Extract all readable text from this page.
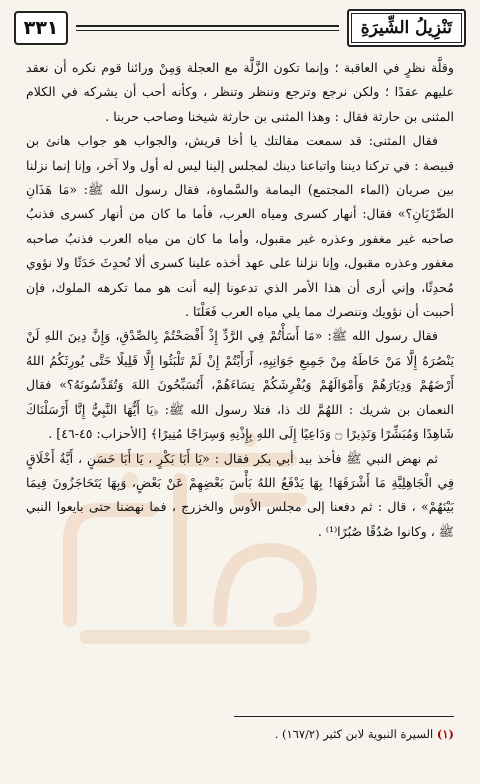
تَنْزِيلُ الشِّيرَةِ
٣٣١

وقلَّة نظرٍ في العاقبة ؛ وإنما تكون الزَّلَّة مع العجلة وَمِنْ ورائنا قوم نكره أن نعقد عليهم عقدًا ؛ ولكن نرجع وترجع وننظر وتنظر ، وكأنه أحب أن يشركه في الكلام المثنى بن حارثة فقال : وهذا المثنى بن حارثة شيخنا وصاحب حربنا .

فقال المثنى: قد سمعت مقالتك يا أخا قريش، والجواب هو جواب هانئ بن قبيصة : في تركنا ديننا واتباعنا دينك لمجلس إلينا ليس له أول ولا آخر، وإنا إنما نزلنا بين صريان (الماء المجتمع) اليمامة والسَّماوة، فقال رسول الله ﷺ: «مَا هَذَانِ الصِّرْيَانِ؟» فقال: أنهار كسرى ومياه العرب، فأما ما كان من أنهار كسرى فذنبُ صاحبه غير مغفور وعذره غير مقبول، وأما ما كان من مياه العرب فذنبُ صاحبه مغفور وعذره مقبول، وإنا نزلنا على عهد أخذه علينا كسرى ألا نُحدِثَ حَدَثًا ولا نؤوي مُحدِثًا، وإني أرى أن هذا الأمر الذي تدعونا إليه أنت هو مما تكرهه الملوك، فإن أحببت أن نؤويك وننصرك مما يلي مياه العرب فَعَلْنَا .

فقال رسول الله ﷺ: «مَا أَسَأْتُمْ فِي الرَّدِّ إِذْ أَفْصَحْتُمْ بِالصِّدْقِ، وَإِنَّ دِينَ اللهِ لَنْ يَنْصُرَهُ إِلَّا مَنْ حَاطَهُ مِنْ جَمِيعِ جَوَانِبِهِ، أَرَأَيْتُمْ إِنْ لَمْ تَلْبَثُوا إِلَّا قَلِيلًا حَتَّى يُورِثَكُمُ اللهُ أَرْضَهُمْ وَدِيَارَهُمْ وَأَمْوَالَهُمْ وَيُفْرِشَكُمْ نِسَاءَهُمْ، أَتُسَبِّحُونَ اللهَ وَتُقَدِّسُونَهُ؟» فقال النعمان بن شريك : اللهُمَّ لك ذا، فتلا رسول الله ﷺ: ﴿يَا أَيُّهَا النَّبِيُّ إِنَّا أَرْسَلْنَاكَ شَاهِدًا وَمُبَشِّرًا وَنَذِيرًا ۝ وَدَاعِيًا إِلَى اللهِ بِإِذْنِهِ وَسِرَاجًا مُنِيرًا﴾ [الأحزاب: ٤٥-٤٦] .

ثم نهض النبي ﷺ فأخذ بيد أبي بكر فقال : «يَا أَبَا بَكْرٍ ، يَا أَبَا حَسَنٍ ، أَيَّةُ أَخْلَاقٍ فِي الْجَاهِلِيَّةِ مَا أَشْرَفَهَا! بِهَا يَدْفَعُ اللهُ بَأْسَ بَعْضِهِمْ عَنْ بَعْضٍ، وَبِهَا يَتَحَاجَزُونَ فِيمَا بَيْنَهُمْ» ، قال : ثم دفعنا إلى مجلس الأوس والخزرج ، فما نهضنا حتى بايعوا النبي ﷺ ، وكانوا صُدُقًا صُبُرًا⁽¹⁾ .

(١) السيرة النبوية لابن كثير (١٦٧/٢) .
